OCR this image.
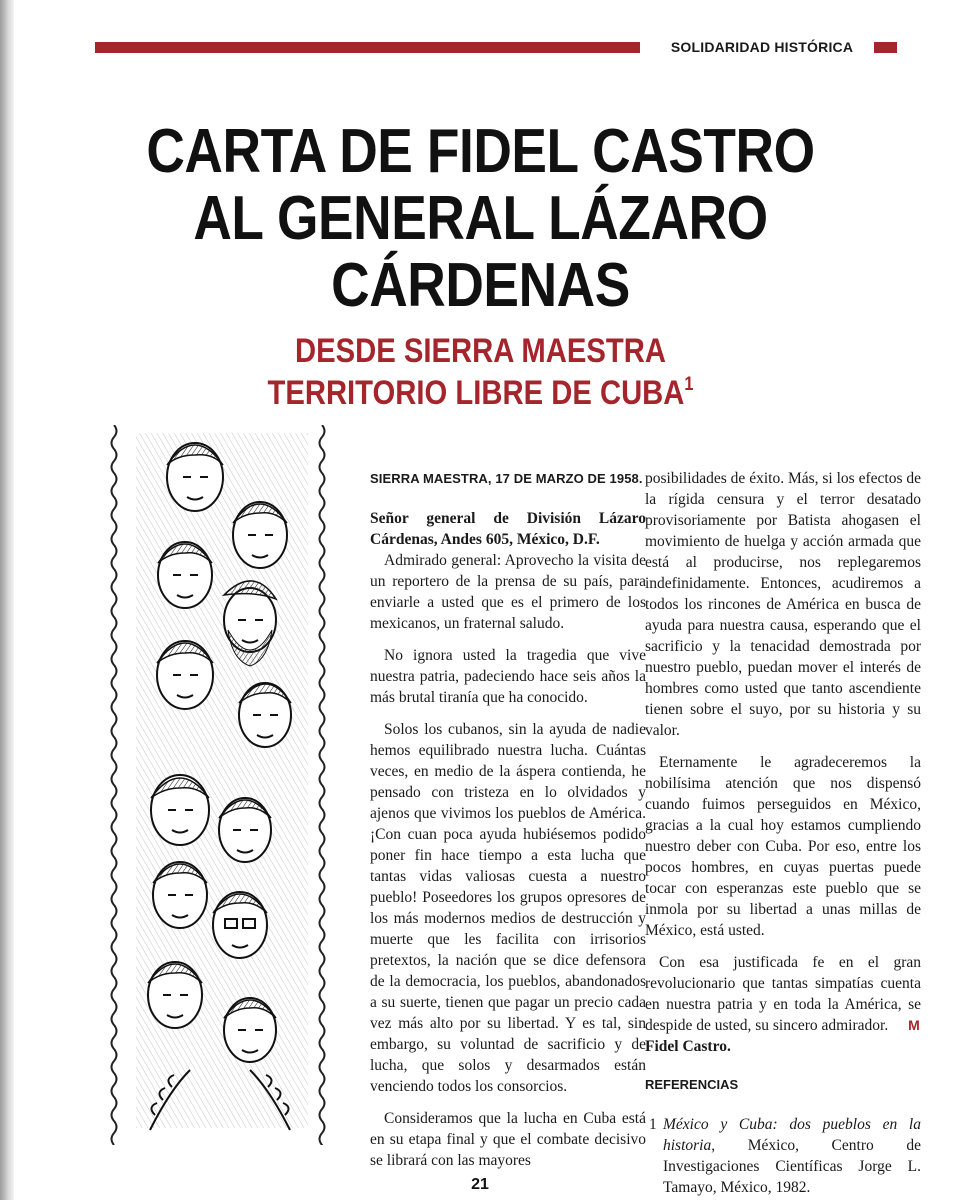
SOLIDARIDAD HISTÓRICA
CARTA DE FIDEL CASTRO
AL GENERAL LÁZARO
CÁRDENAS
DESDE SIERRA MAESTRA
TERRITORIO LIBRE DE CUBA$^1$

SIERRA MAESTRA, 17 DE MARZO DE 1958.

Señor general de División Lázaro Cárdenas, Andes 605, México, D.F.

Admirado general: Aprovecho la visita de un reportero de la prensa de su país, para enviarle a usted que es el primero de los mexicanos, un fraternal saludo.

No ignora usted la tragedia que vive nuestra patria, padeciendo hace seis años la más brutal tiranía que ha conocido.

Solos los cubanos, sin la ayuda de nadie hemos equilibrado nuestra lucha. Cuántas veces, en medio de la áspera contienda, he pensado con tristeza en lo olvidados y ajenos que vivimos los pueblos de América. ¡Con cuan poca ayuda hubiésemos podido poner fin hace tiempo a esta lucha que tantas vidas valiosas cuesta a nuestro pueblo! Poseedores los grupos opresores de los más modernos medios de destrucción y muerte que les facilita con irrisorios pretextos, la nación que se dice defensora de la democracia, los pueblos, abandonados a su suerte, tienen que pagar un precio cada vez más alto por su libertad. Y es tal, sin embargo, su voluntad de sacrificio y de lucha, que solos y desarmados están venciendo todos los consorcios.

Consideramos que la lucha en Cuba está en su etapa final y que el combate decisivo se librará con las mayores

posibilidades de éxito. Más, si los efectos de la rígida censura y el terror desatado provisoriamente por Batista ahogasen el movimiento de huelga y acción armada que está al producirse, nos replegaremos indefinidamente. Entonces, acudiremos a todos los rincones de América en busca de ayuda para nuestra causa, esperando que el sacrificio y la tenacidad demostrada por nuestro pueblo, puedan mover el interés de hombres como usted que tanto ascendiente tienen sobre el suyo, por su historia y su valor.

Eternamente le agradeceremos la nobilísima atención que nos dispensó cuando fuimos perseguidos en México, gracias a la cual hoy estamos cumpliendo nuestro deber con Cuba. Por eso, entre los pocos hombres, en cuyas puertas puede tocar con esperanzas este pueblo que se inmola por su libertad a unas millas de México, está usted.

Con esa justificada fe en el gran revolucionario que tantas simpatías cuenta en nuestra patria y en toda la América, se despide de usted, su sincero admirador. M
Fidel Castro.

REFERENCIAS

1 México y Cuba: dos pueblos en la historia, México, Centro de Investigaciones Científicas Jorge L. Tamayo, México, 1982.

21
